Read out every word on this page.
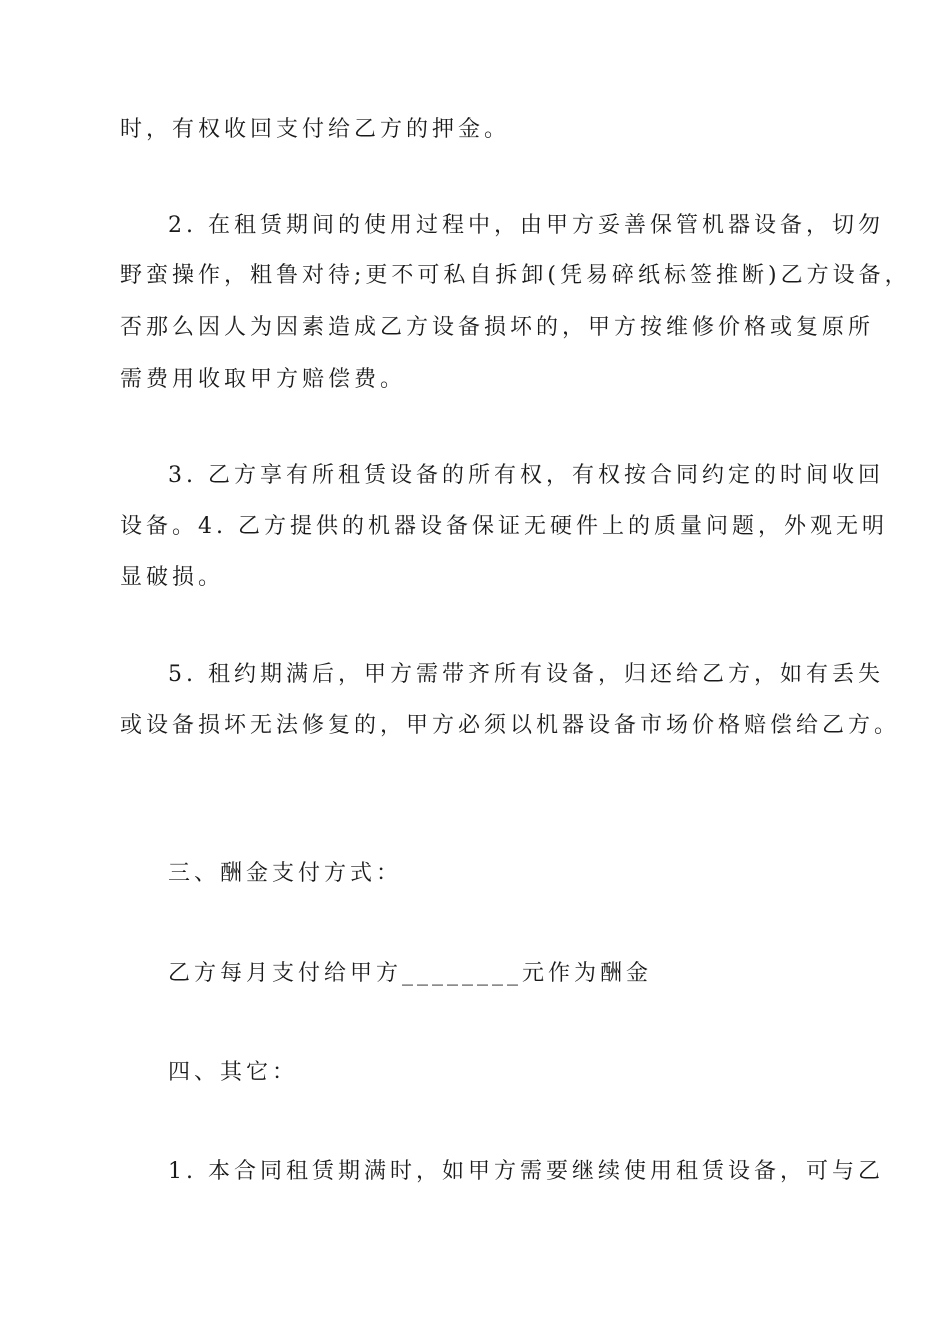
时，有权收回支付给乙方的押金。
2. 在租赁期间的使用过程中，由甲方妥善保管机器设备，切勿
野蛮操作，粗鲁对待;更不可私自拆卸(凭易碎纸标签推断)乙方设备，
否那么因人为因素造成乙方设备损坏的，甲方按维修价格或复原所
需费用收取甲方赔偿费。
3. 乙方享有所租赁设备的所有权，有权按合同约定的时间收回
设备。4. 乙方提供的机器设备保证无硬件上的质量问题，外观无明
显破损。
5. 租约期满后，甲方需带齐所有设备，归还给乙方，如有丢失
或设备损坏无法修复的，甲方必须以机器设备市场价格赔偿给乙方。
三、酬金支付方式：
乙方每月支付给甲方________元作为酬金
四、其它：
1. 本合同租赁期满时，如甲方需要继续使用租赁设备，可与乙
